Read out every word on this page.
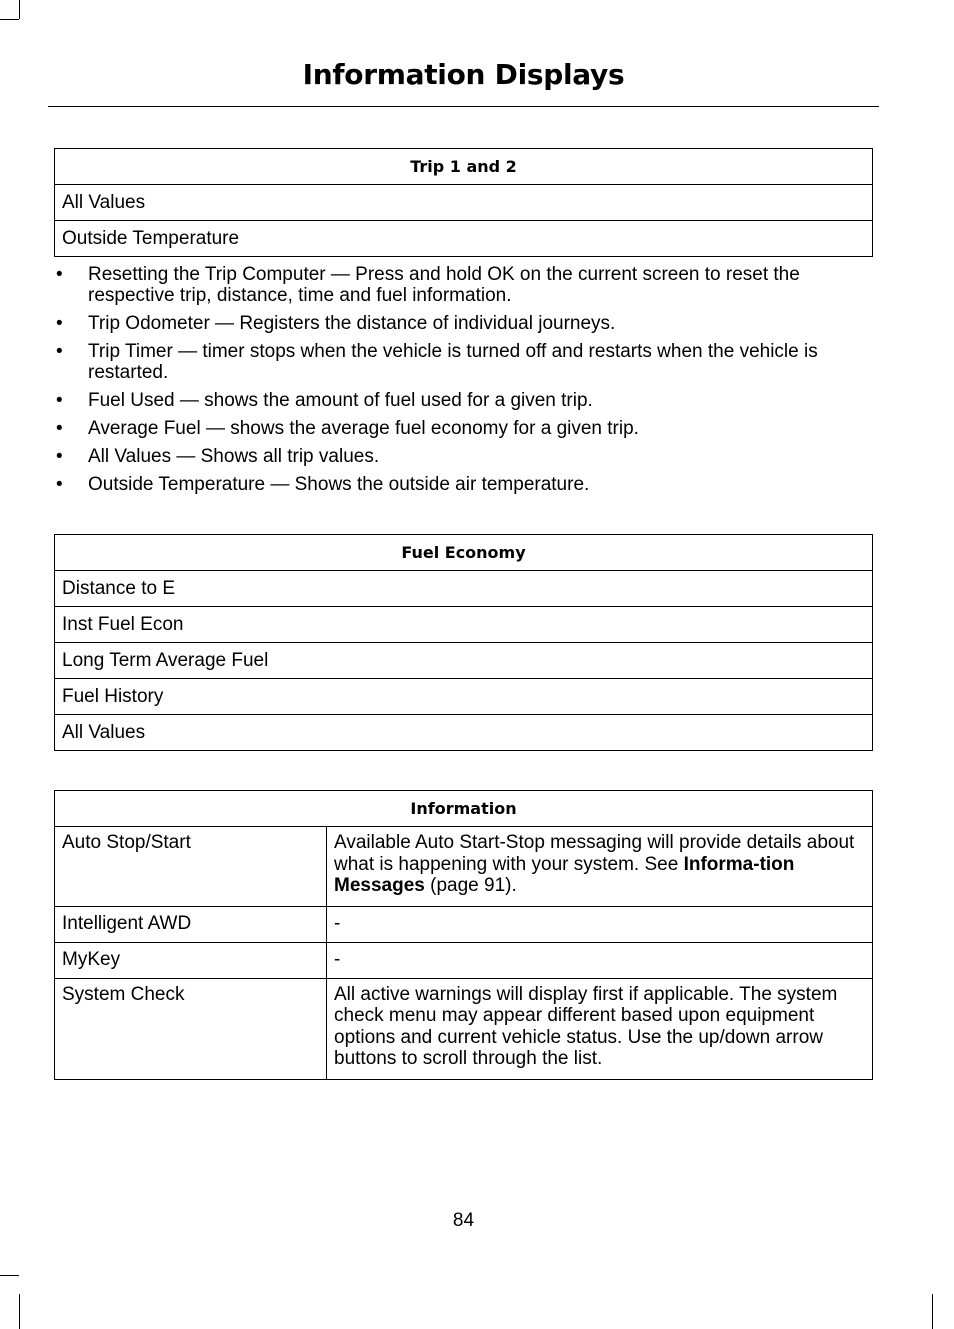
Information Displays
Trip 1 and 2
All Values
Outside Temperature
• Resetting the Trip Computer — Press and hold OK on the current screen to reset the respective trip, distance, time and fuel information.
• Trip Odometer — Registers the distance of individual journeys.
• Trip Timer — timer stops when the vehicle is turned off and restarts when the vehicle is restarted.
• Fuel Used — shows the amount of fuel used for a given trip.
• Average Fuel — shows the average fuel economy for a given trip.
• All Values — Shows all trip values.
• Outside Temperature — Shows the outside air temperature.
Fuel Economy
Distance to E
Inst Fuel Econ
Long Term Average Fuel
Fuel History
All Values
Information	
Auto Stop/Start	Available Auto Start-Stop messaging will provide details about what is happening with your system. See Informa-tion Messages (page 91).
Intelligent AWD	-
MyKey	-
System Check	All active warnings will display first if applicable. The system check menu may appear different based upon equipment options and current vehicle status. Use the up/down arrow buttons to scroll through the list.
84
